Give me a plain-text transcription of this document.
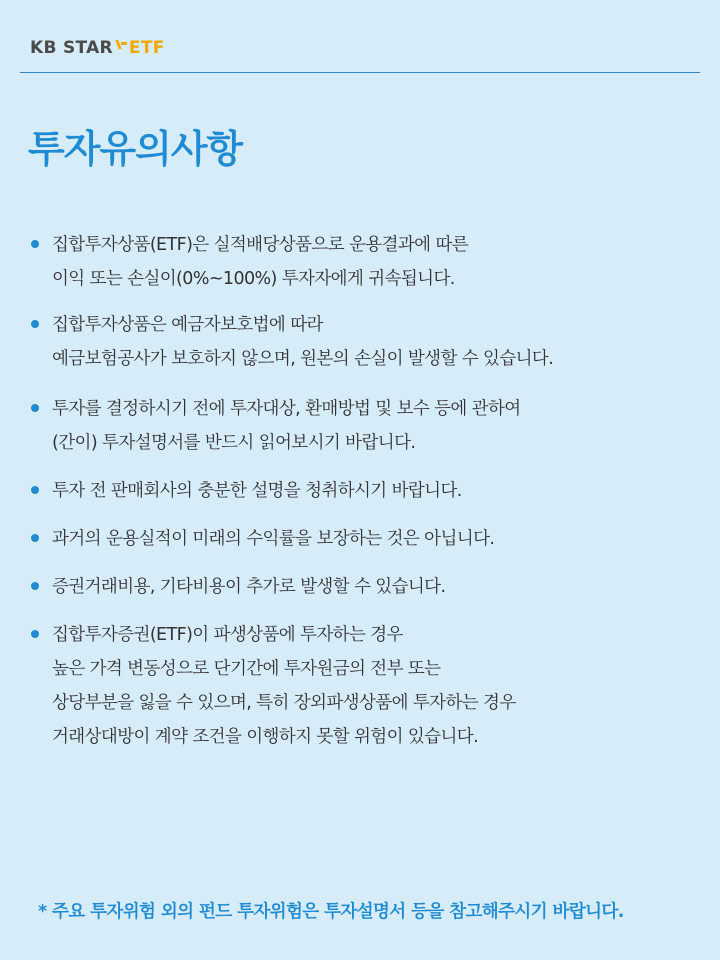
KB STAR ETF
투자유의사항
집합투자상품(ETF)은 실적배당상품으로 운용결과에 따른
이익 또는 손실이(0%~100%) 투자자에게 귀속됩니다.
집합투자상품은 예금자보호법에 따라
예금보험공사가 보호하지 않으며, 원본의 손실이 발생할 수 있습니다.
투자를 결정하시기 전에 투자대상, 환매방법 및 보수 등에 관하여
(간이) 투자설명서를 반드시 읽어보시기 바랍니다.
투자 전 판매회사의 충분한 설명을 청취하시기 바랍니다.
과거의 운용실적이 미래의 수익률을 보장하는 것은 아닙니다.
증권거래비용, 기타비용이 추가로 발생할 수 있습니다.
집합투자증권(ETF)이 파생상품에 투자하는 경우
높은 가격 변동성으로 단기간에 투자원금의 전부 또는
상당부분을 잃을 수 있으며, 특히 장외파생상품에 투자하는 경우
거래상대방이 계약 조건을 이행하지 못할 위험이 있습니다.
* 주요 투자위험 외의 펀드 투자위험은 투자설명서 등을 참고해주시기 바랍니다.
